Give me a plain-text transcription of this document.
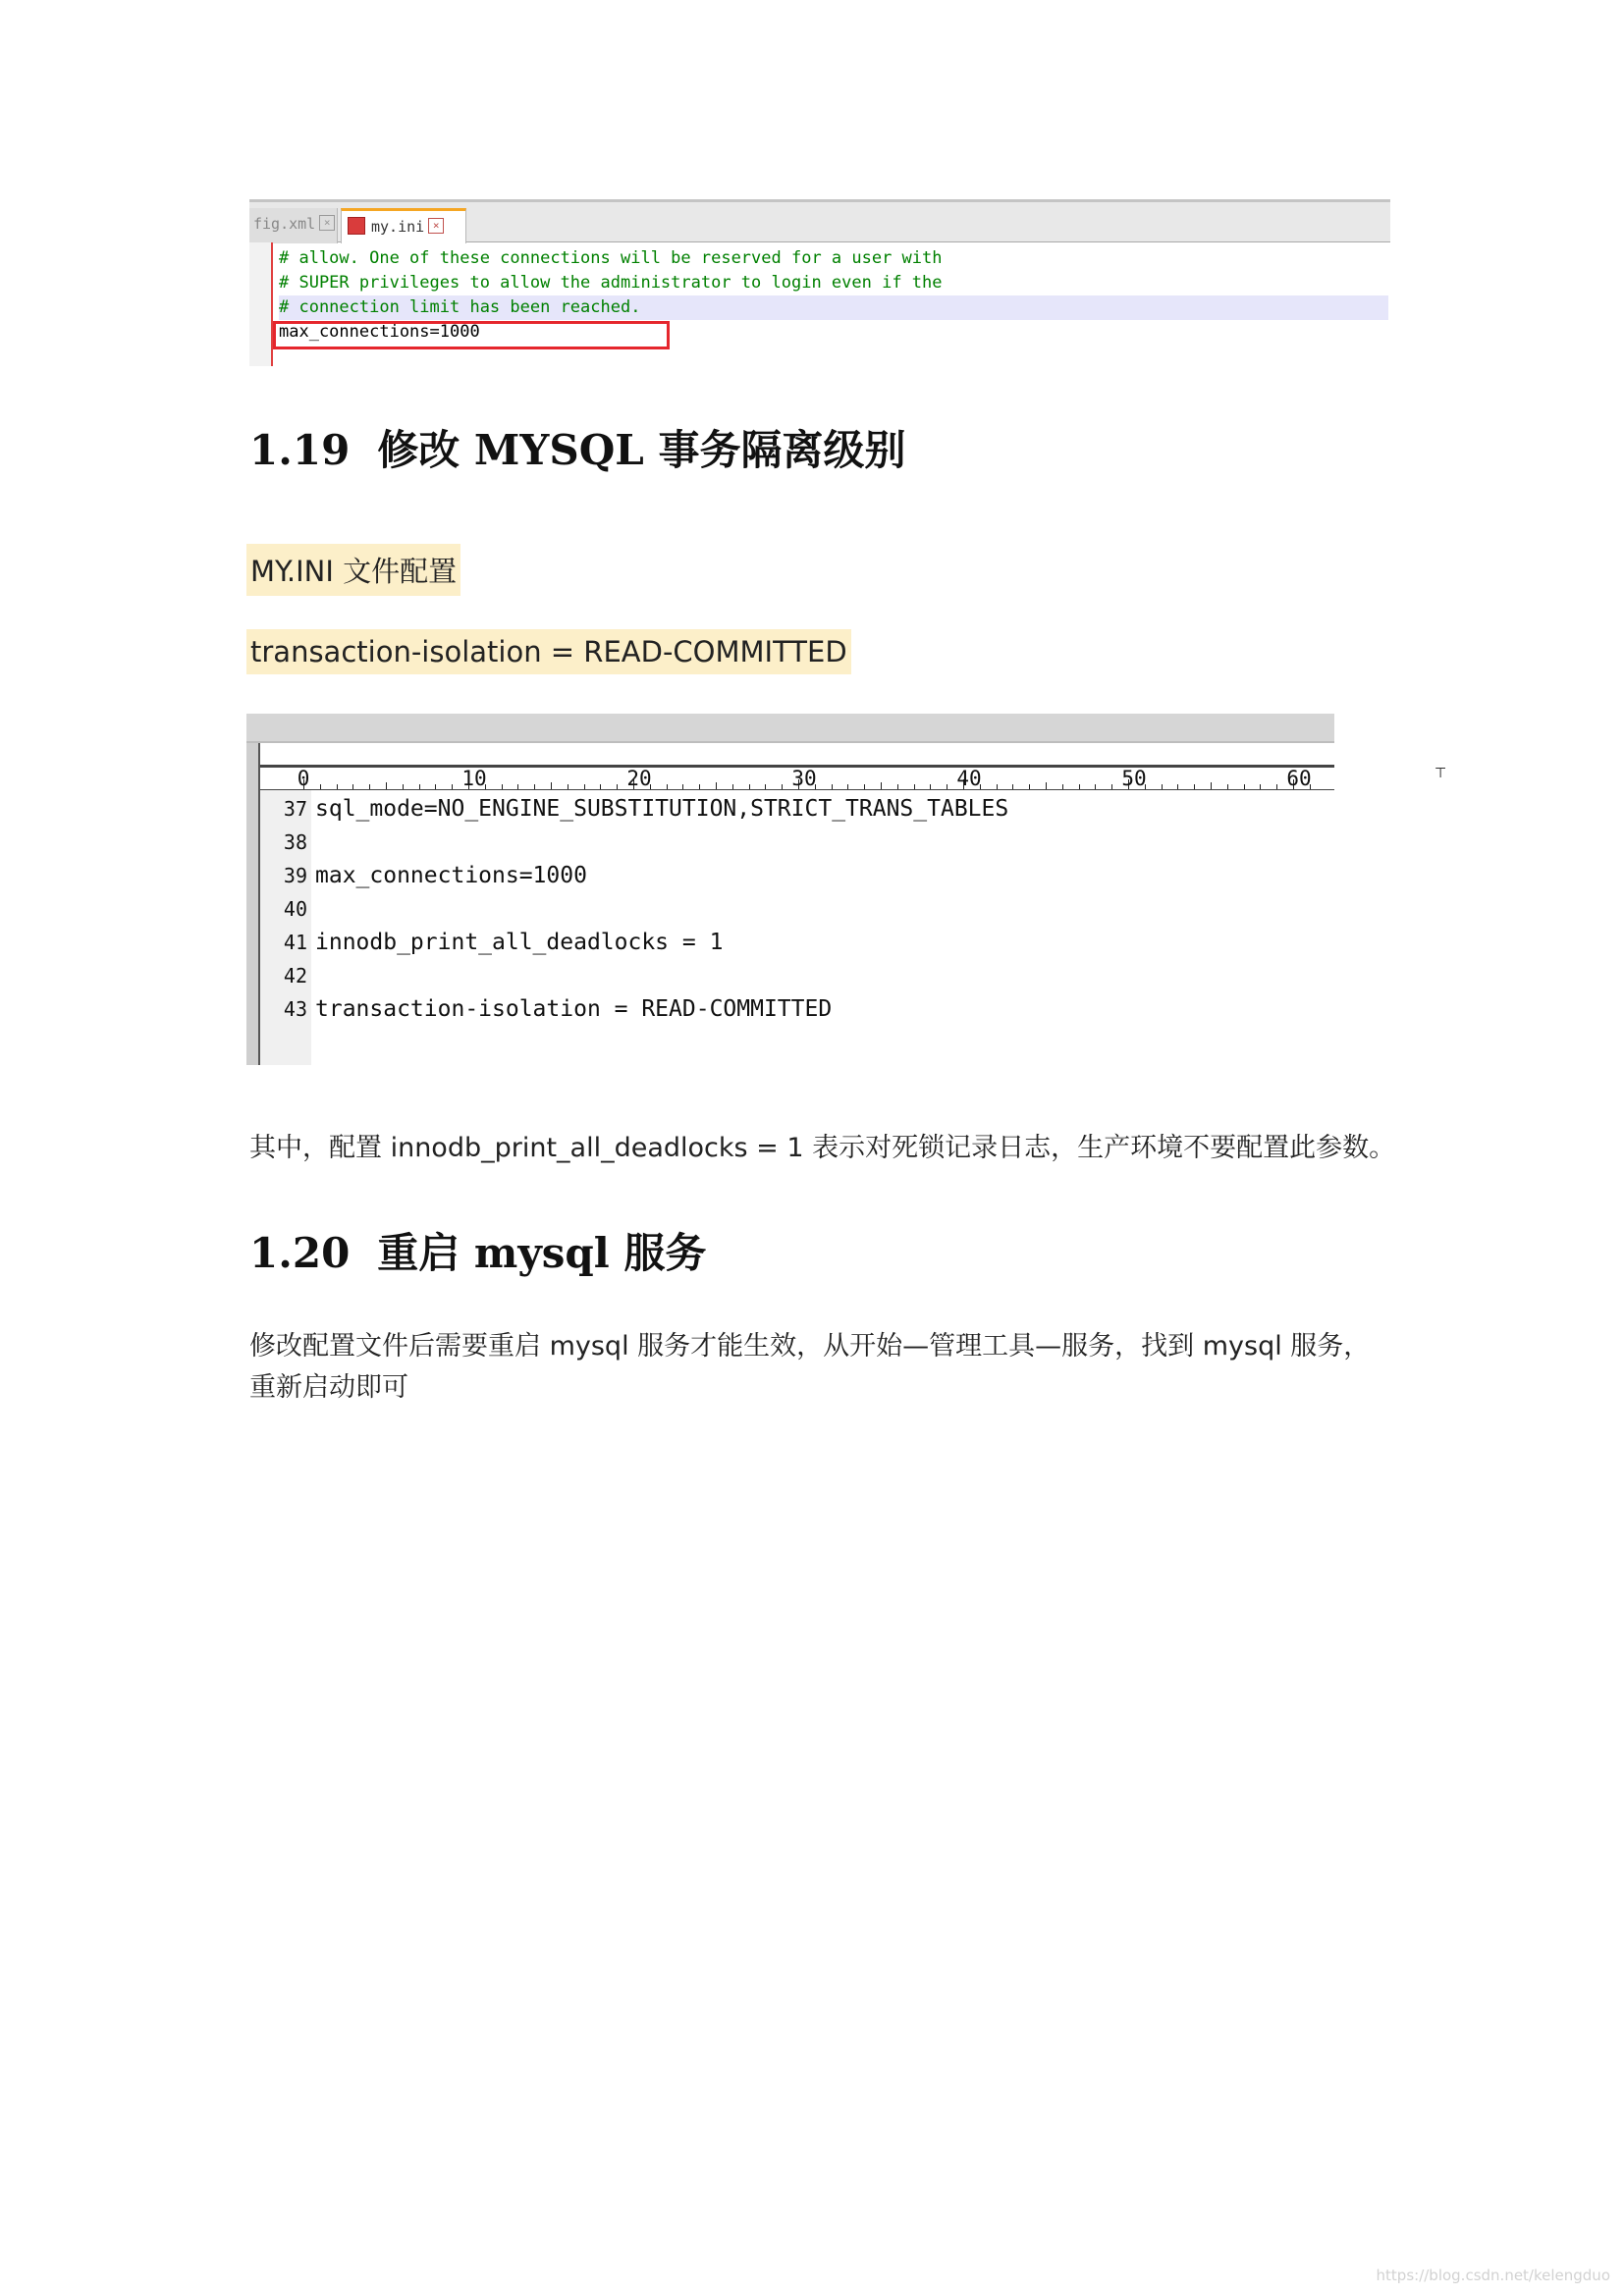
fig.xml ×	my.ini ×
# allow. One of these connections will be reserved for a user with
# SUPER privileges to allow the administrator to login even if the
# connection limit has been reached.
max_connections=1000
1.19 修改 MYSQL 事务隔离级别
MY.INI 文件配置
transaction-isolation = READ-COMMITTED
⊤
0	10	20	30	40	50	60
37 sql_mode=NO_ENGINE_SUBSTITUTION,STRICT_TRANS_TABLES
38
39 max_connections=1000
40
41 innodb_print_all_deadlocks = 1
42
43 transaction-isolation = READ-COMMITTED
其中，配置 innodb_print_all_deadlocks = 1 表示对死锁记录日志，生产环境不要配置此参数。
1.20 重启 mysql 服务
修改配置文件后需要重启 mysql 服务才能生效，从开始—管理工具—服务，找到 mysql 服务，
重新启动即可
https://blog.csdn.net/kelengduo
